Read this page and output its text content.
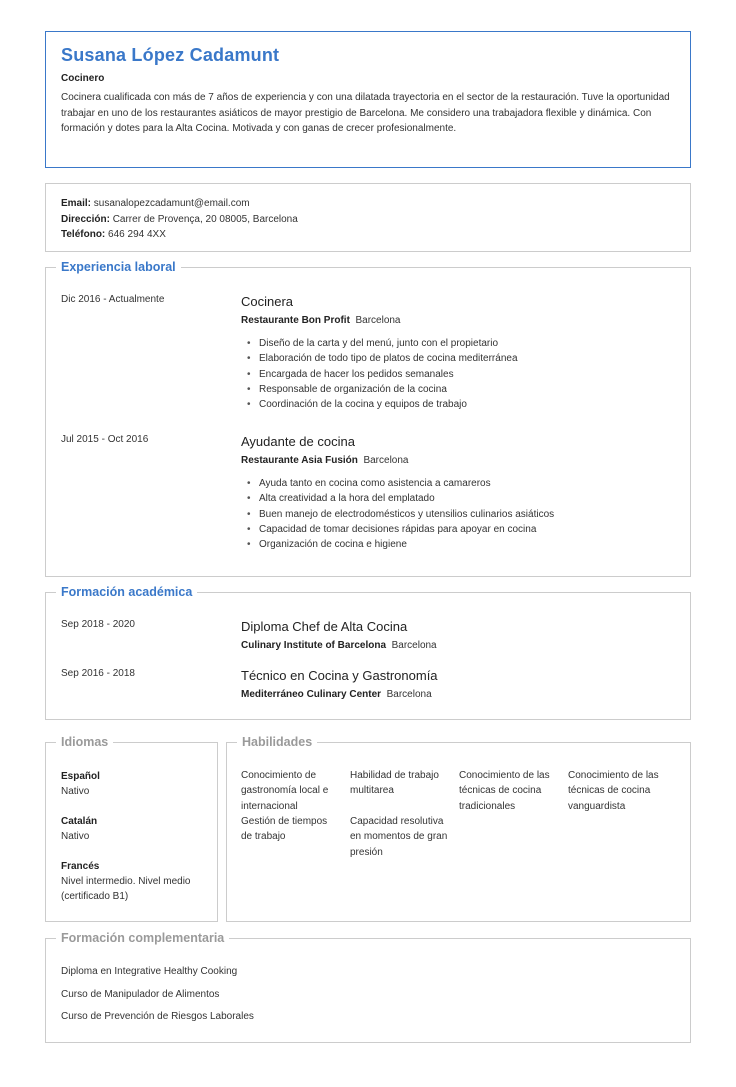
Susana López Cadamunt
Cocinero
Cocinera cualificada con más de 7 años de experiencia y con una dilatada trayectoria en el sector de la restauración. Tuve la oportunidad trabajar en uno de los restaurantes asiáticos de mayor prestigio de Barcelona. Me considero una trabajadora flexible y dinámica. Con formación y dotes para la Alta Cocina. Motivada y con ganas de crecer profesionalmente.
Email: susanalopezcadamunt@email.com
Dirección: Carrer de Provença, 20 08005, Barcelona
Teléfono: 646 294 4XX
Experiencia laboral
Dic 2016 - Actualmente	Cocinera
Restaurante Bon Profit Barcelona
• Diseño de la carta y del menú, junto con el propietario
• Elaboración de todo tipo de platos de cocina mediterránea
• Encargada de hacer los pedidos semanales
• Responsable de organización de la cocina
• Coordinación de la cocina y equipos de trabajo
Jul 2015 - Oct 2016	Ayudante de cocina
Restaurante Asia Fusión Barcelona
• Ayuda tanto en cocina como asistencia a camareros
• Alta creatividad a la hora del emplatado
• Buen manejo de electrodomésticos y utensilios culinarios asiáticos
• Capacidad de tomar decisiones rápidas para apoyar en cocina
• Organización de cocina e higiene
Formación académica
Sep 2018 - 2020	Diploma Chef de Alta Cocina
Culinary Institute of Barcelona Barcelona
Sep 2016 - 2018	Técnico en Cocina y Gastronomía
Mediterráneo Culinary Center Barcelona
Idiomas
Español
Nativo
Catalán
Nativo
Francés
Nivel intermedio. Nivel medio (certificado B1)
Habilidades
Conocimiento de gastronomía local e internacional
Habilidad de trabajo multitarea
Conocimiento de las técnicas de cocina tradicionales
Conocimiento de las técnicas de cocina vanguardista
Gestión de tiempos de trabajo
Capacidad resolutiva en momentos de gran presión
Formación complementaria
Diploma en Integrative Healthy Cooking
Curso de Manipulador de Alimentos
Curso de Prevención de Riesgos Laborales
